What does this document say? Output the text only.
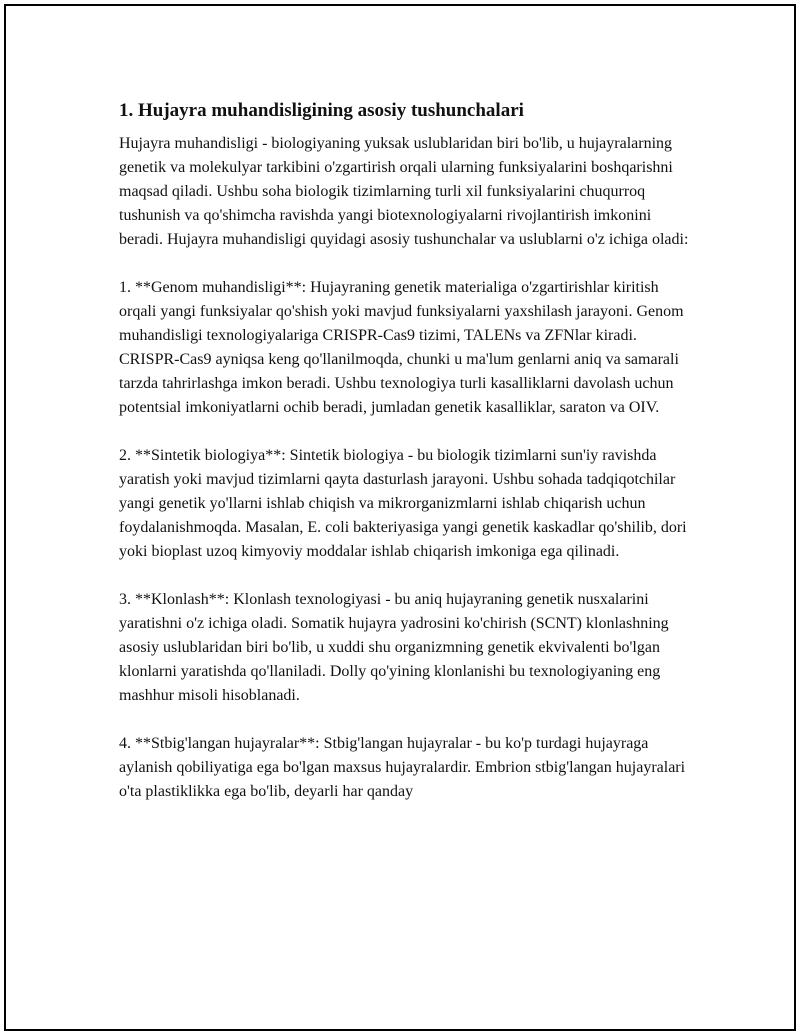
1. Hujayra muhandisligining asosiy tushunchalari

Hujayra muhandisligi - biologiyaning yuksak uslublaridan biri bo'lib, u hujayralarning genetik va molekulyar tarkibini o'zgartirish orqali ularning funksiyalarini boshqarishni maqsad qiladi. Ushbu soha biologik tizimlarning turli xil funksiyalarini chuqurroq tushunish va qo'shimcha ravishda yangi biotexnologiyalarni rivojlantirish imkonini beradi. Hujayra muhandisligi quyidagi asosiy tushunchalar va uslublarni o'z ichiga oladi:

1. **Genom muhandisligi**: Hujayraning genetik materialiga o'zgartirishlar kiritish orqali yangi funksiyalar qo'shish yoki mavjud funksiyalarni yaxshilash jarayoni. Genom muhandisligi texnologiyalariga CRISPR-Cas9 tizimi, TALENs va ZFNlar kiradi. CRISPR-Cas9 ayniqsa keng qo'llanilmoqda, chunki u ma'lum genlarni aniq va samarali tarzda tahrirlashga imkon beradi. Ushbu texnologiya turli kasalliklarni davolash uchun potentsial imkoniyatlarni ochib beradi, jumladan genetik kasalliklar, saraton va OIV.

2. **Sintetik biologiya**: Sintetik biologiya - bu biologik tizimlarni sun'iy ravishda yaratish yoki mavjud tizimlarni qayta dasturlash jarayoni. Ushbu sohada tadqiqotchilar yangi genetik yo'llarni ishlab chiqish va mikrorganizmlarni ishlab chiqarish uchun foydalanishmoqda. Masalan, E. coli bakteriyasiga yangi genetik kaskadlar qo'shilib, dori yoki bioplast uzoq kimyoviy moddalar ishlab chiqarish imkoniga ega qilinadi.

3. **Klonlash**: Klonlash texnologiyasi - bu aniq hujayraning genetik nusxalarini yaratishni o'z ichiga oladi. Somatik hujayra yadrosini ko'chirish (SCNT) klonlashning asosiy uslublaridan biri bo'lib, u xuddi shu organizmning genetik ekvivalenti bo'lgan klonlarni yaratishda qo'llaniladi. Dolly qo'yining klonlanishi bu texnologiyaning eng mashhur misoli hisoblanadi.

4. **Stbig'langan hujayralar**: Stbig'langan hujayralar - bu ko'p turdagi hujayraga aylanish qobiliyatiga ega bo'lgan maxsus hujayralardir. Embrion stbig'langan hujayralari o'ta plastiklikka ega bo'lib, deyarli har qanday
